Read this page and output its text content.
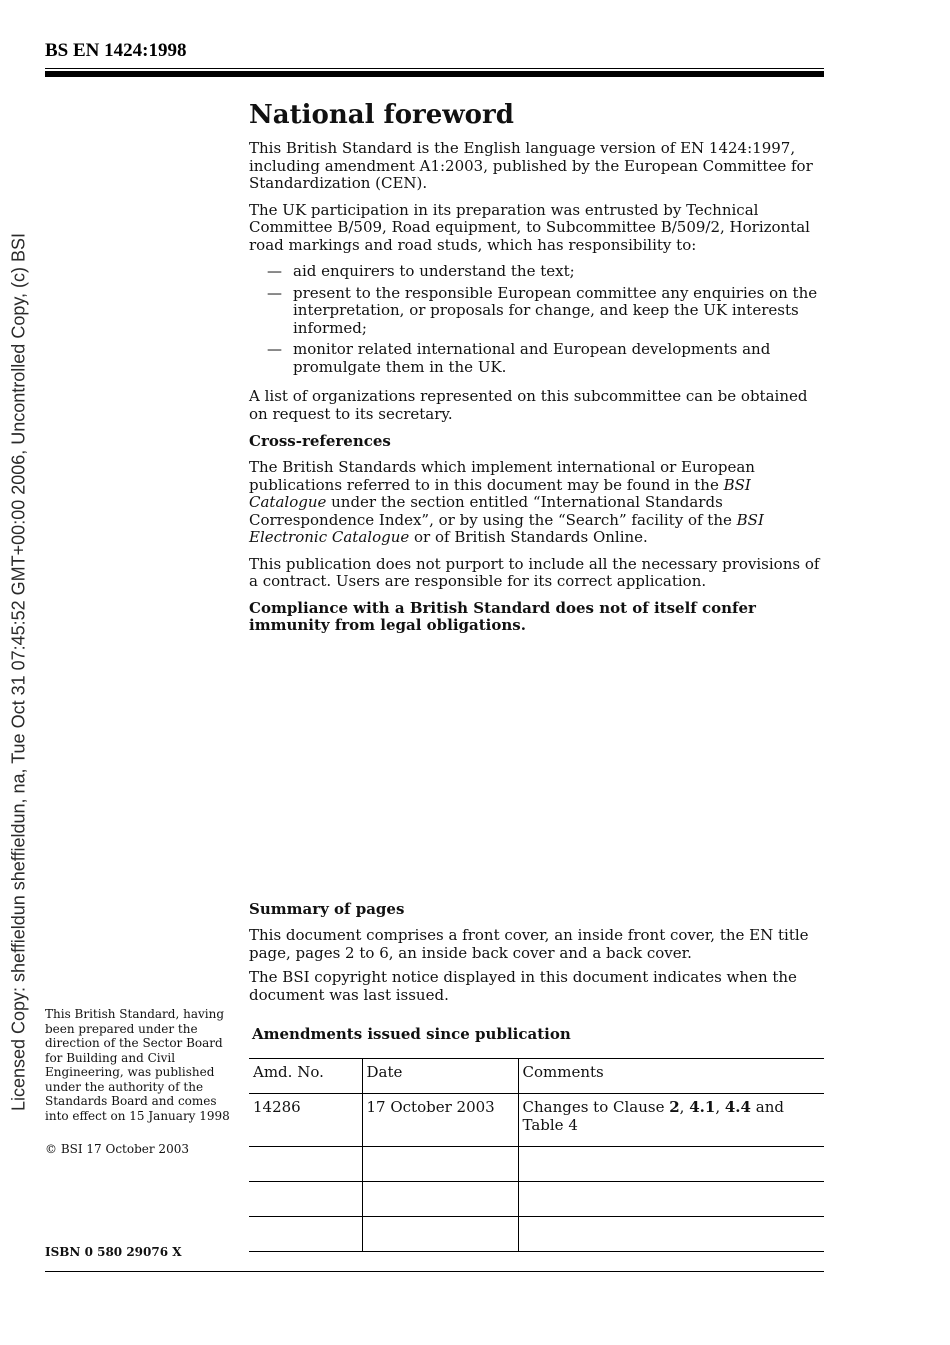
BS EN 1424:1998
Licensed Copy: sheffieldun sheffieldun, na, Tue Oct 31 07:45:52 GMT+00:00 2006, Uncontrolled Copy, (c) BSI
National foreword

This British Standard is the English language version of EN 1424:1997, including amendment A1:2003, published by the European Committee for Standardization (CEN).

The UK participation in its preparation was entrusted by Technical Committee B/509, Road equipment, to Subcommittee B/509/2, Horizontal road markings and road studs, which has responsibility to:

— aid enquirers to understand the text;
— present to the responsible European committee any enquiries on the interpretation, or proposals for change, and keep the UK interests informed;
— monitor related international and European developments and promulgate them in the UK.

A list of organizations represented on this subcommittee can be obtained on request to its secretary.

Cross-references

The British Standards which implement international or European publications referred to in this document may be found in the BSI Catalogue under the section entitled “International Standards Correspondence Index”, or by using the “Search” facility of the BSI Electronic Catalogue or of British Standards Online.

This publication does not purport to include all the necessary provisions of a contract. Users are responsible for its correct application.

Compliance with a British Standard does not of itself confer immunity from legal obligations.

Summary of pages

This document comprises a front cover, an inside front cover, the EN title page, pages 2 to 6, an inside back cover and a back cover.

The BSI copyright notice displayed in this document indicates when the document was last issued.

Amendments issued since publication
Amd. No.	Date	Comments
14286	17 October 2003	Changes to Clause 2, 4.1, 4.4 and Table 4

This British Standard, having been prepared under the direction of the Sector Board for Building and Civil Engineering, was published under the authority of the Standards Board and comes into effect on 15 January 1998
© BSI 17 October 2003
ISBN 0 580 29076 X
